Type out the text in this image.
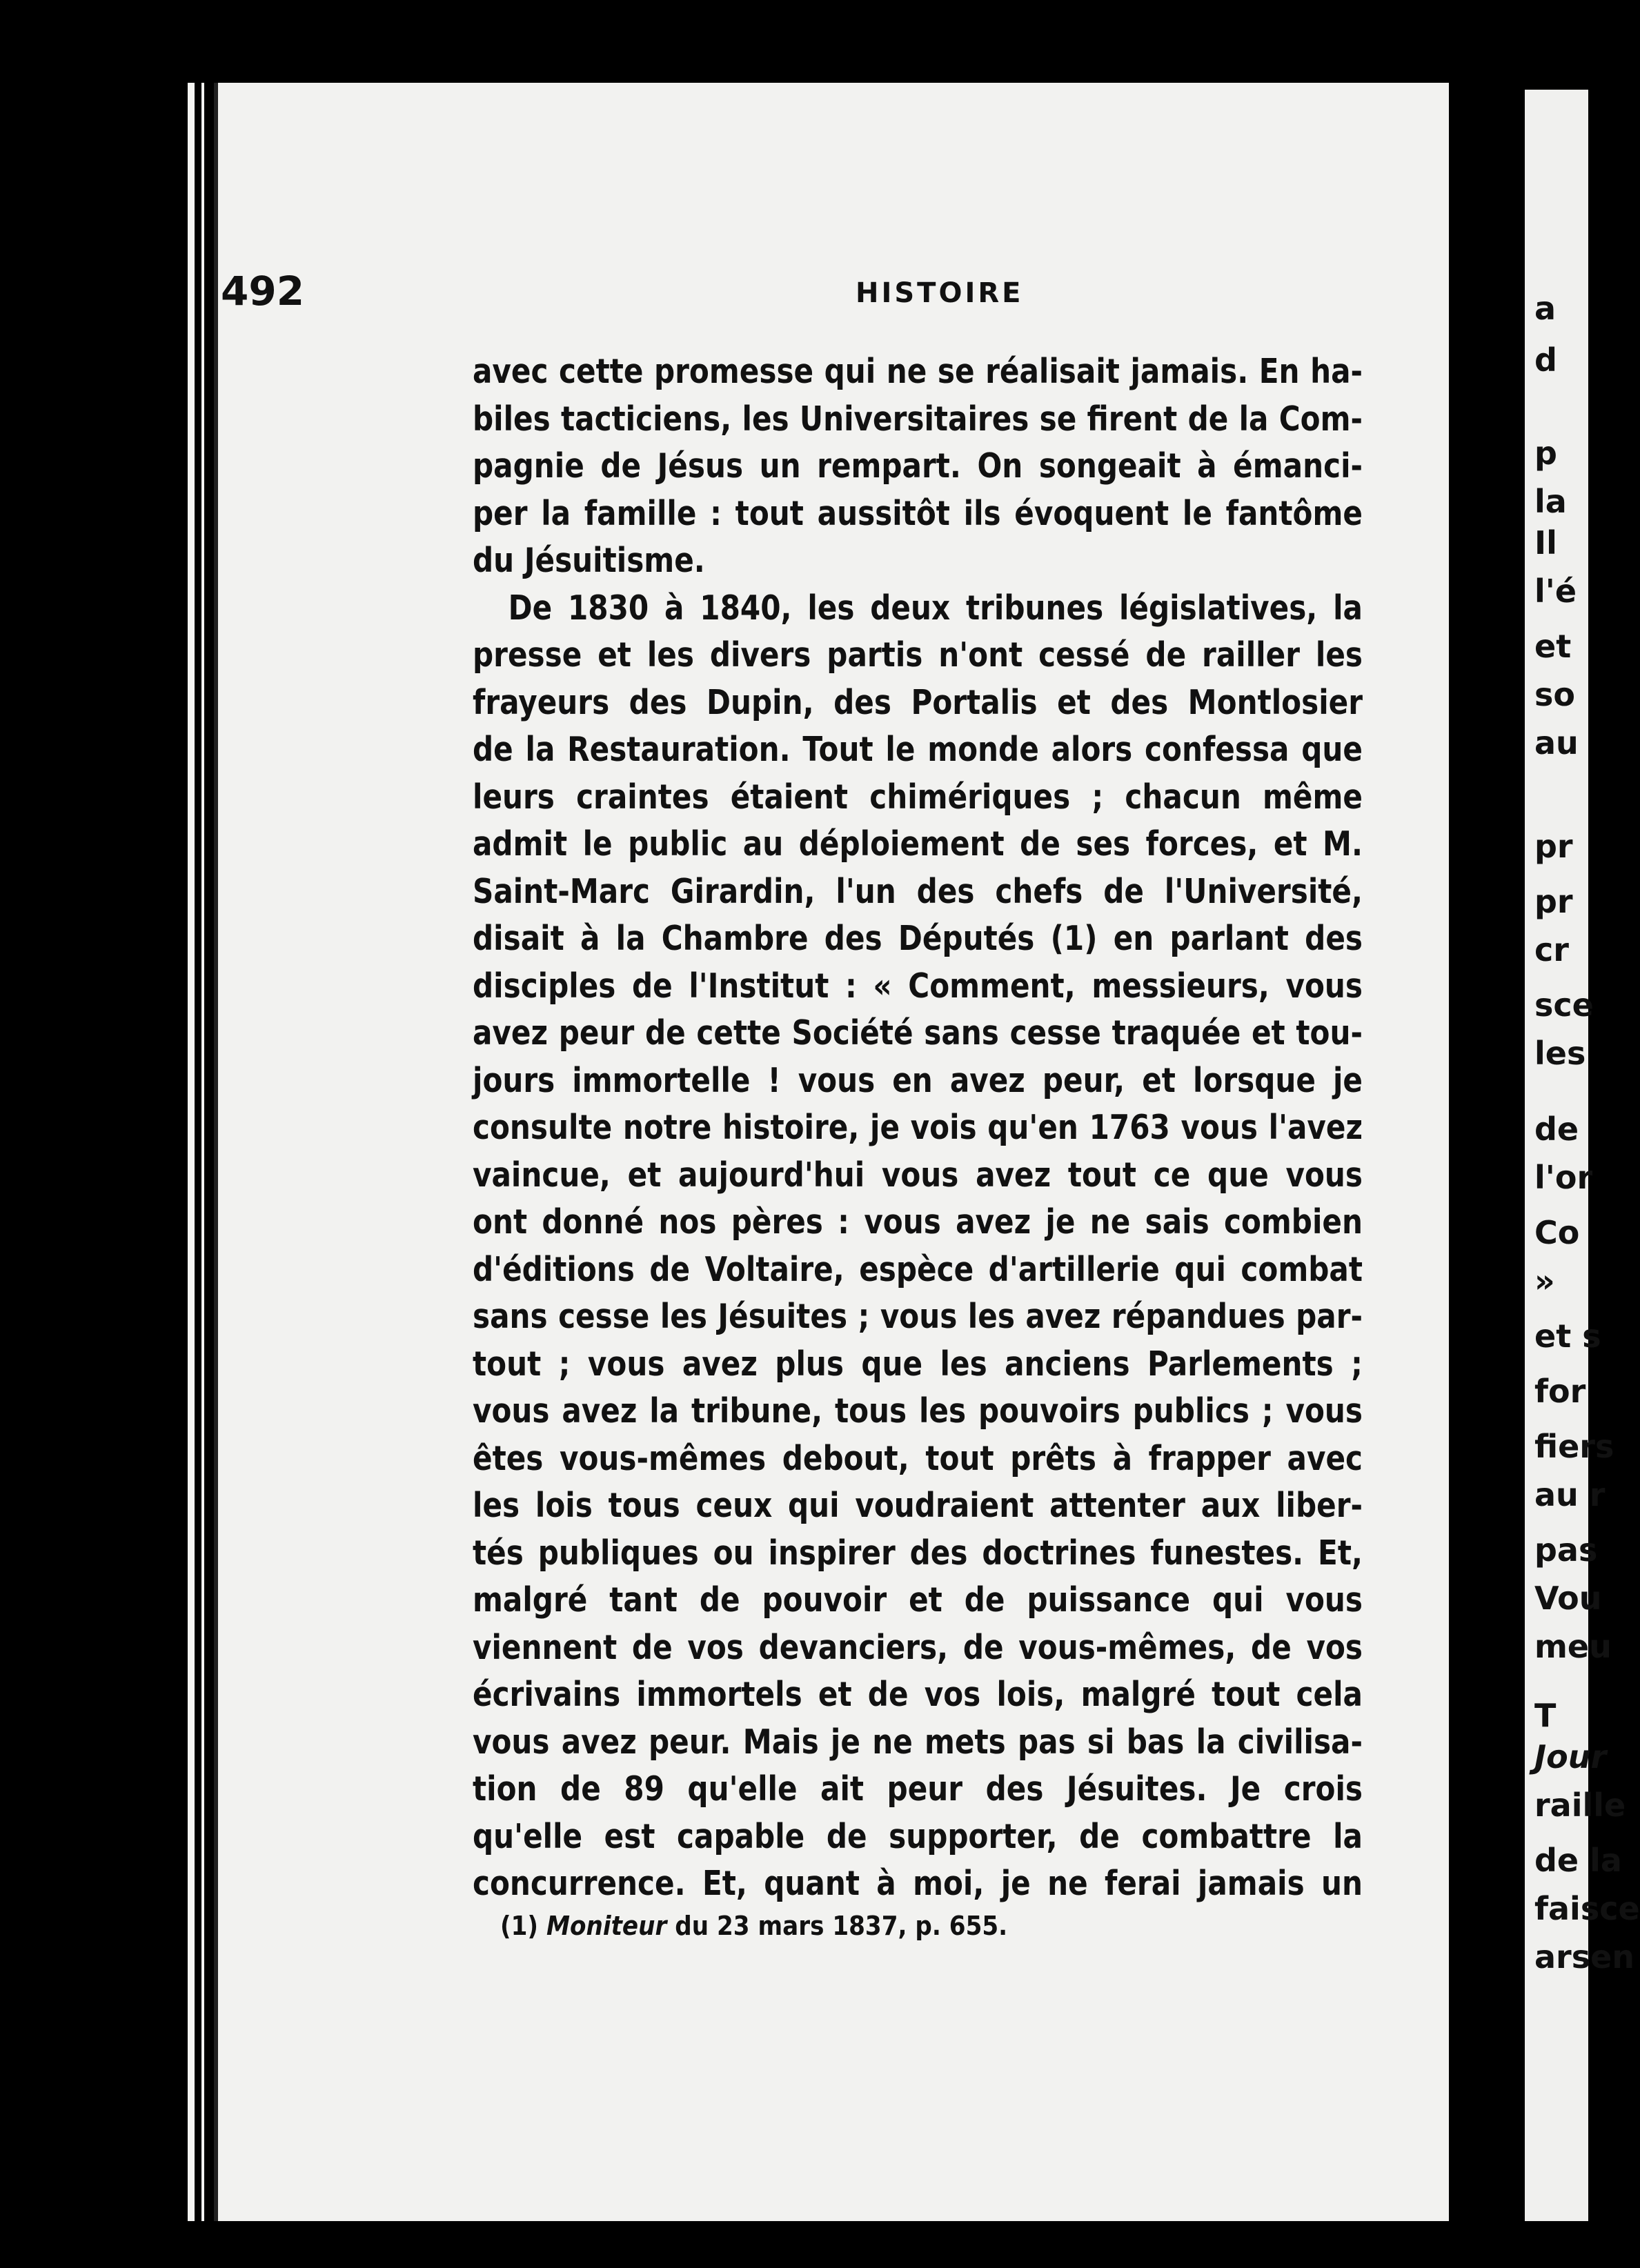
492	HISTOIRE
avec cette promesse qui ne se réalisait jamais. En ha-
biles tacticiens, les Universitaires se firent de la Com-
pagnie de Jésus un rempart. On songeait à émanci-
per la famille : tout aussitôt ils évoquent le fantôme
du Jésuitisme.
De 1830 à 1840, les deux tribunes législatives, la
presse et les divers partis n'ont cessé de railler les
frayeurs des Dupin, des Portalis et des Montlosier
de la Restauration. Tout le monde alors confessa que
leurs craintes étaient chimériques ; chacun même
admit le public au déploiement de ses forces, et M.
Saint-Marc Girardin, l'un des chefs de l'Université,
disait à la Chambre des Députés (1) en parlant des
disciples de l'Institut : « Comment, messieurs, vous
avez peur de cette Société sans cesse traquée et tou-
jours immortelle ! vous en avez peur, et lorsque je
consulte notre histoire, je vois qu'en 1763 vous l'avez
vaincue, et aujourd'hui vous avez tout ce que vous
ont donné nos pères : vous avez je ne sais combien
d'éditions de Voltaire, espèce d'artillerie qui combat
sans cesse les Jésuites ; vous les avez répandues par-
tout ; vous avez plus que les anciens Parlements ;
vous avez la tribune, tous les pouvoirs publics ; vous
êtes vous-mêmes debout, tout prêts à frapper avec
les lois tous ceux qui voudraient attenter aux liber-
tés publiques ou inspirer des doctrines funestes. Et,
malgré tant de pouvoir et de puissance qui vous
viennent de vos devanciers, de vous-mêmes, de vos
écrivains immortels et de vos lois, malgré tout cela
vous avez peur. Mais je ne mets pas si bas la civilisa-
tion de 89 qu'elle ait peur des Jésuites. Je crois
qu'elle est capable de supporter, de combattre la
concurrence. Et, quant à moi, je ne ferai jamais un
(1) Moniteur du 23 mars 1837, p. 655.
a
d
p
la
Il
l'é
et
so
au
pr
pr
cr
sce
les
de
l'or
Co
»
et s
for
fiers
au r
pas
Vou
meu
T
Jour
raille
de la
faisce
arsen
